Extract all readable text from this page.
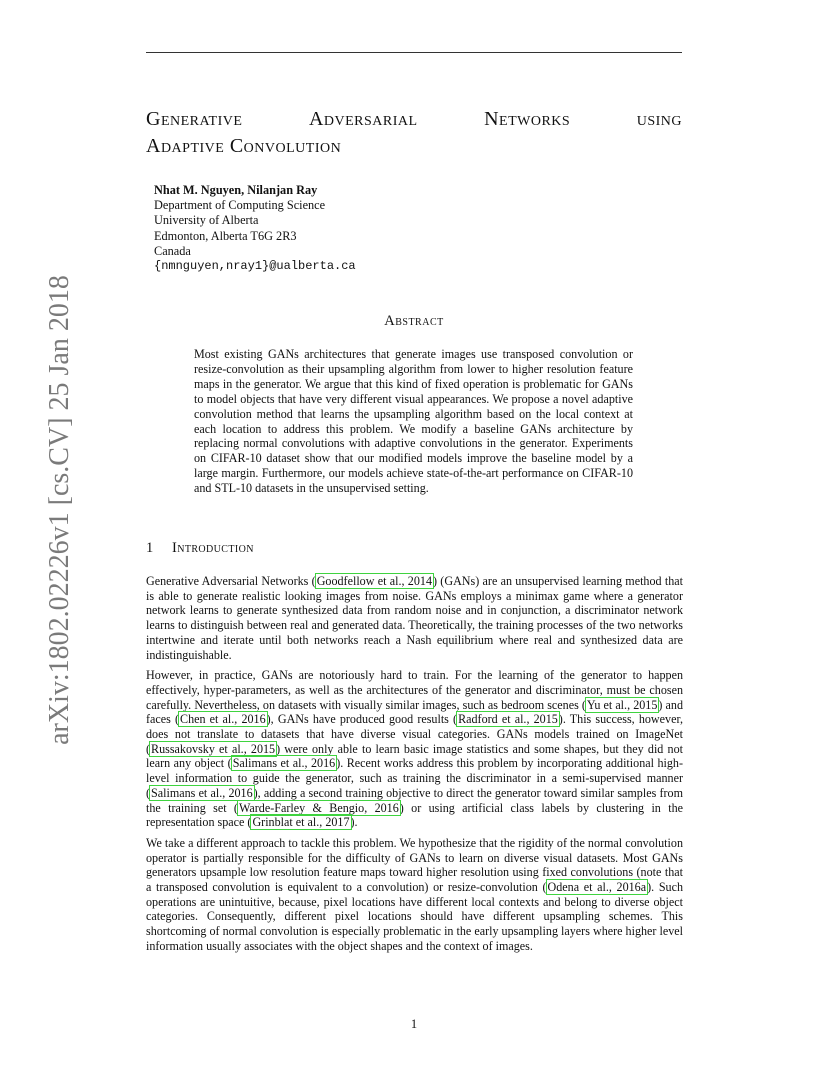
arXiv:1802.02226v1 [cs.CV] 25 Jan 2018
Generative	Adversarial	Networks	using
Adaptive Convolution
Nhat M. Nguyen, Nilanjan Ray
Department of Computing Science
University of Alberta
Edmonton, Alberta T6G 2R3
Canada
{nmnguyen,nray1}@ualberta.ca
Abstract
Most existing GANs architectures that generate images use transposed convolution or resize-convolution as their upsampling algorithm from lower to higher resolution feature maps in the generator. We argue that this kind of fixed operation is problematic for GANs to model objects that have very different visual appearances. We propose a novel adaptive convolution method that learns the upsampling algorithm based on the local context at each location to address this problem. We modify a baseline GANs architecture by replacing normal convolutions with adaptive convolutions in the generator. Experiments on CIFAR-10 dataset show that our modified models improve the baseline model by a large margin. Furthermore, our models achieve state-of-the-art performance on CIFAR-10 and STL-10 datasets in the unsupervised setting.
1 Introduction

Generative Adversarial Networks (Goodfellow et al., 2014) (GANs) are an unsupervised learning method that is able to generate realistic looking images from noise. GANs employs a minimax game where a generator network learns to generate synthesized data from random noise and in conjunction, a discriminator network learns to distinguish between real and generated data. Theoretically, the training processes of the two networks intertwine and iterate until both networks reach a Nash equilibrium where real and synthesized data are indistinguishable.

However, in practice, GANs are notoriously hard to train. For the learning of the generator to happen effectively, hyper-parameters, as well as the architectures of the generator and discriminator, must be chosen carefully. Nevertheless, on datasets with visually similar images, such as bedroom scenes (Yu et al., 2015) and faces (Chen et al., 2016), GANs have produced good results (Radford et al., 2015). This success, however, does not translate to datasets that have diverse visual categories. GANs models trained on ImageNet (Russakovsky et al., 2015) were only able to learn basic image statistics and some shapes, but they did not learn any object (Salimans et al., 2016). Recent works address this problem by incorporating additional high-level information to guide the generator, such as training the discriminator in a semi-supervised manner (Salimans et al., 2016), adding a second training objective to direct the generator toward similar samples from the training set (Warde-Farley & Bengio, 2016) or using artificial class labels by clustering in the representation space (Grinblat et al., 2017).

We take a different approach to tackle this problem. We hypothesize that the rigidity of the normal convolution operator is partially responsible for the difficulty of GANs to learn on diverse visual datasets. Most GANs generators upsample low resolution feature maps toward higher resolution using fixed convolutions (note that a transposed convolution is equivalent to a convolution) or resize-convolution (Odena et al., 2016a). Such operations are unintuitive, because, pixel locations have different local contexts and belong to diverse object categories. Consequently, different pixel locations should have different upsampling schemes. This shortcoming of normal convolution is especially problematic in the early upsampling layers where higher level information usually associates with the object shapes and the context of images.

1
